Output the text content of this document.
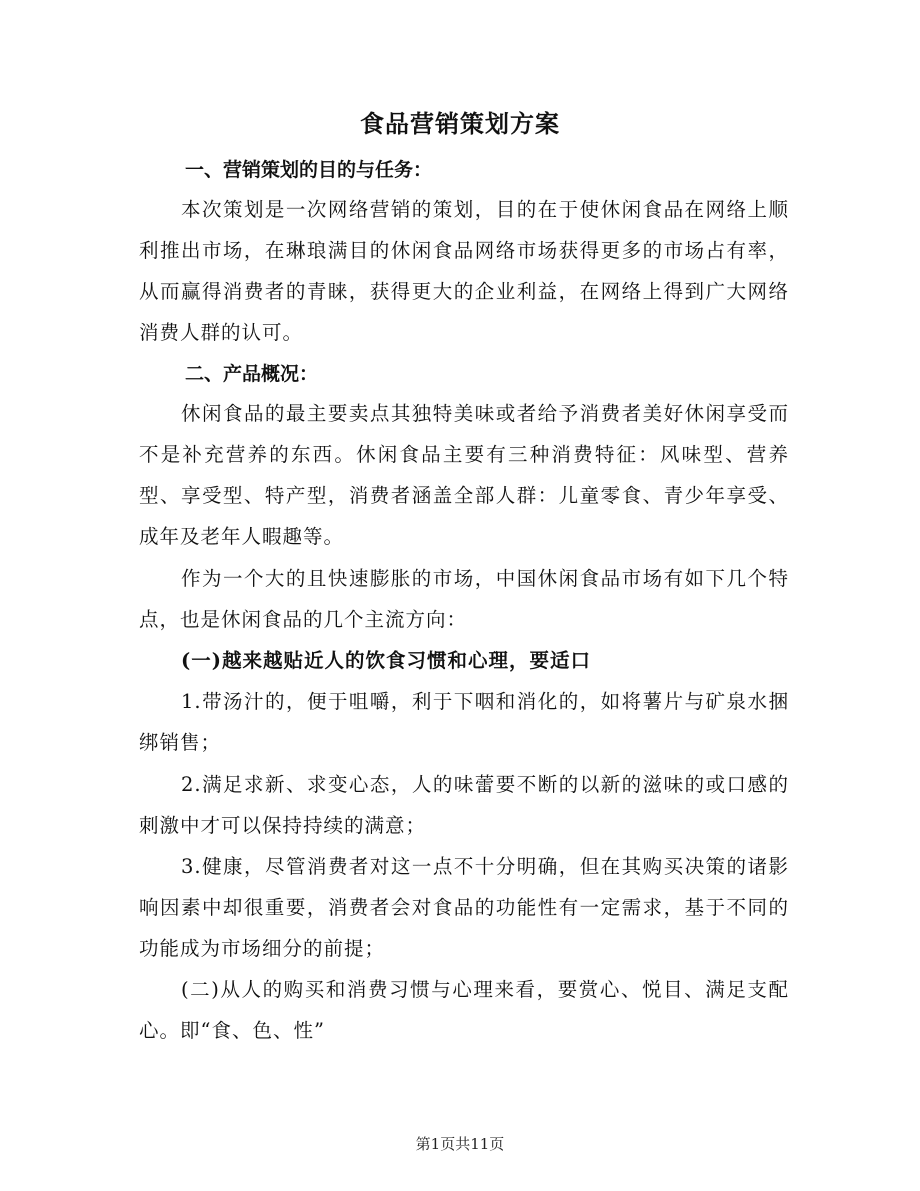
食品营销策划方案
一、营销策划的目的与任务：
本次策划是一次网络营销的策划，目的在于使休闲食品在网络上顺利推出市场，在琳琅满目的休闲食品网络市场获得更多的市场占有率，从而赢得消费者的青睐，获得更大的企业利益，在网络上得到广大网络消费人群的认可。
二、产品概况：
休闲食品的最主要卖点其独特美味或者给予消费者美好休闲享受而不是补充营养的东西。休闲食品主要有三种消费特征：风味型、营养型、享受型、特产型，消费者涵盖全部人群：儿童零食、青少年享受、成年及老年人暇趣等。
作为一个大的且快速膨胀的市场，中国休闲食品市场有如下几个特点，也是休闲食品的几个主流方向：
(一)越来越贴近人的饮食习惯和心理，要适口
1.带汤汁的，便于咀嚼，利于下咽和消化的，如将薯片与矿泉水捆绑销售；
2.满足求新、求变心态，人的味蕾要不断的以新的滋味的或口感的刺激中才可以保持持续的满意；
3.健康，尽管消费者对这一点不十分明确，但在其购买决策的诸影响因素中却很重要，消费者会对食品的功能性有一定需求，基于不同的功能成为市场细分的前提；
(二)从人的购买和消费习惯与心理来看，要赏心、悦目、满足支配心。即“食、色、性”
第1页共11页
